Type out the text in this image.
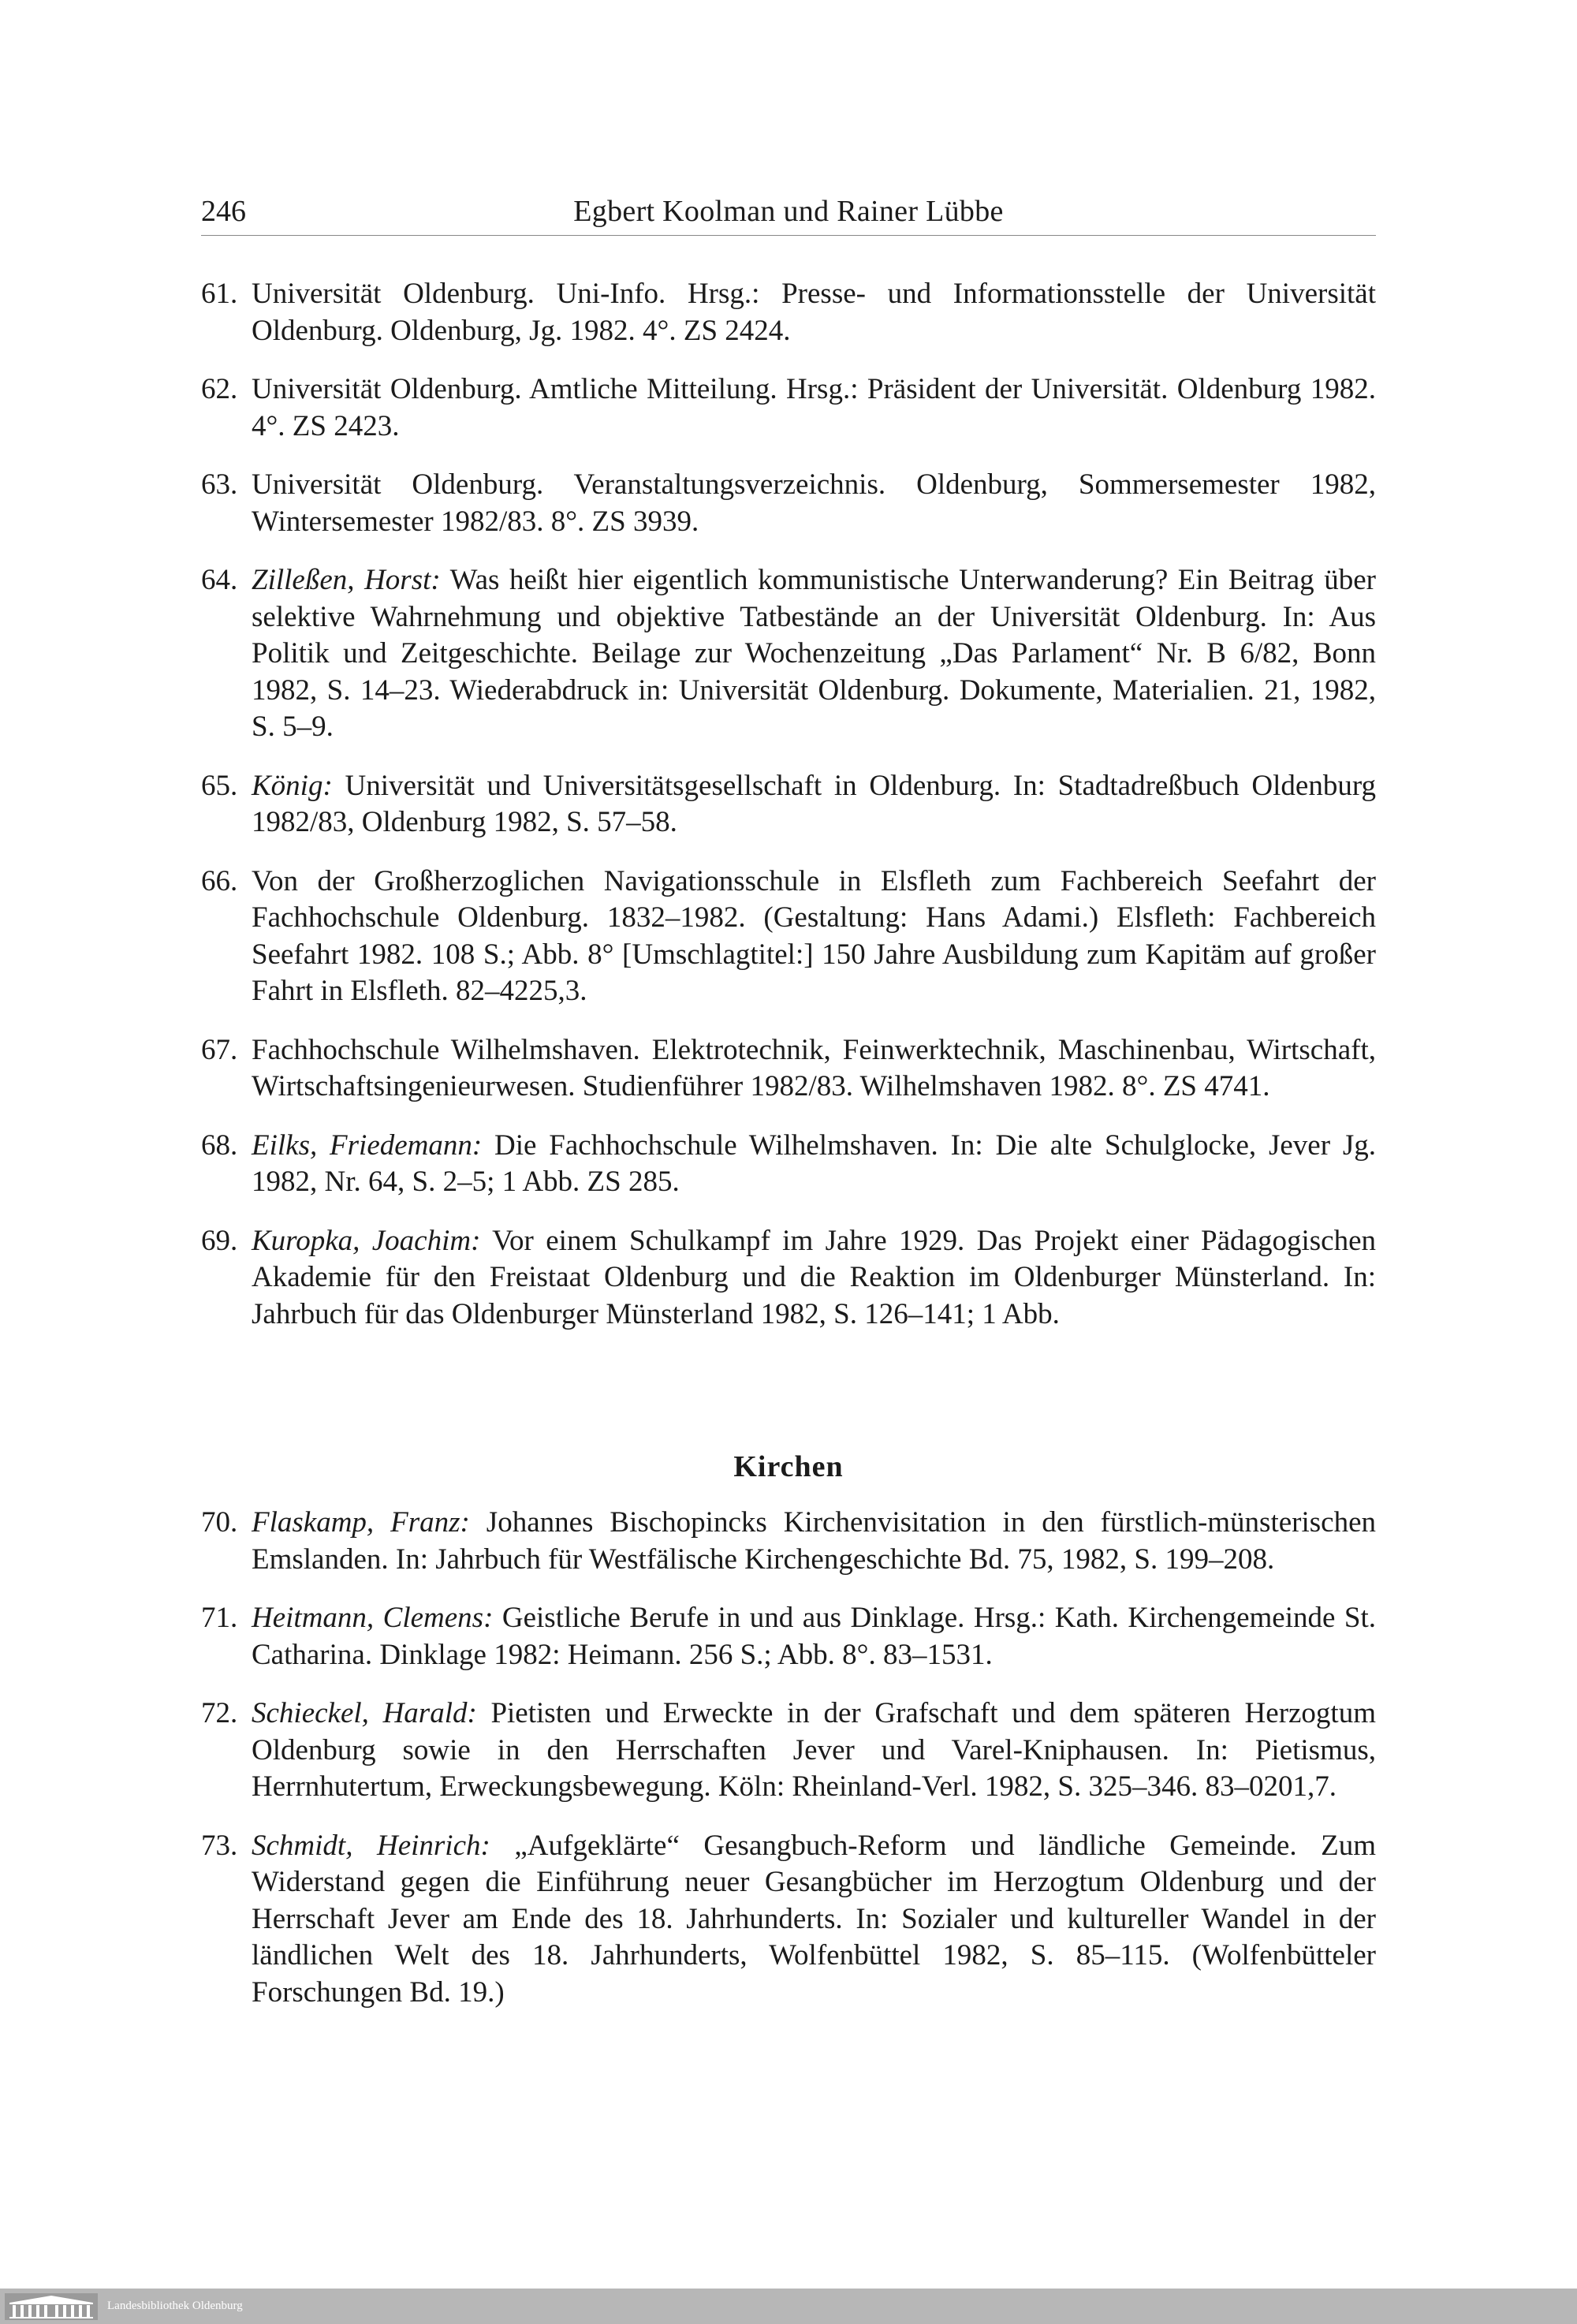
246	Egbert Koolman und Rainer Lübbe

61. Universität Oldenburg. Uni-Info. Hrsg.: Presse- und Informationsstelle der Universität Oldenburg. Oldenburg, Jg. 1982. 4°. ZS 2424.

62. Universität Oldenburg. Amtliche Mitteilung. Hrsg.: Präsident der Universität. Oldenburg 1982. 4°. ZS 2423.

63. Universität Oldenburg. Veranstaltungsverzeichnis. Oldenburg, Sommersemester 1982, Wintersemester 1982/83. 8°. ZS 3939.

64. Zilleßen, Horst: Was heißt hier eigentlich kommunistische Unterwanderung? Ein Beitrag über selektive Wahrnehmung und objektive Tatbestände an der Universität Oldenburg. In: Aus Politik und Zeitgeschichte. Beilage zur Wochenzeitung „Das Parlament“ Nr. B 6/82, Bonn 1982, S. 14–23. Wiederabdruck in: Universität Oldenburg. Dokumente, Materialien. 21, 1982, S. 5–9.

65. König: Universität und Universitätsgesellschaft in Oldenburg. In: Stadtadreßbuch Oldenburg 1982/83, Oldenburg 1982, S. 57–58.

66. Von der Großherzoglichen Navigationsschule in Elsfleth zum Fachbereich Seefahrt der Fachhochschule Oldenburg. 1832–1982. (Gestaltung: Hans Adami.) Elsfleth: Fachbereich Seefahrt 1982. 108 S.; Abb. 8° [Umschlagtitel:] 150 Jahre Ausbildung zum Kapitäm auf großer Fahrt in Elsfleth. 82–4225,3.

67. Fachhochschule Wilhelmshaven. Elektrotechnik, Feinwerktechnik, Maschinenbau, Wirtschaft, Wirtschaftsingenieurwesen. Studienführer 1982/83. Wilhelmshaven 1982. 8°. ZS 4741.

68. Eilks, Friedemann: Die Fachhochschule Wilhelmshaven. In: Die alte Schulglocke, Jever Jg. 1982, Nr. 64, S. 2–5; 1 Abb. ZS 285.

69. Kuropka, Joachim: Vor einem Schulkampf im Jahre 1929. Das Projekt einer Pädagogischen Akademie für den Freistaat Oldenburg und die Reaktion im Oldenburger Münsterland. In: Jahrbuch für das Oldenburger Münsterland 1982, S. 126–141; 1 Abb.

Kirchen

70. Flaskamp, Franz: Johannes Bischopincks Kirchenvisitation in den fürstlich-münsterischen Emslanden. In: Jahrbuch für Westfälische Kirchengeschichte Bd. 75, 1982, S. 199–208.

71. Heitmann, Clemens: Geistliche Berufe in und aus Dinklage. Hrsg.: Kath. Kirchengemeinde St. Catharina. Dinklage 1982: Heimann. 256 S.; Abb. 8°. 83–1531.

72. Schieckel, Harald: Pietisten und Erweckte in der Grafschaft und dem späteren Herzogtum Oldenburg sowie in den Herrschaften Jever und Varel-Kniphausen. In: Pietismus, Herrnhutertum, Erweckungsbewegung. Köln: Rheinland-Verl. 1982, S. 325–346. 83–0201,7.

73. Schmidt, Heinrich: „Aufgeklärte“ Gesangbuch-Reform und ländliche Gemeinde. Zum Widerstand gegen die Einführung neuer Gesangbücher im Herzogtum Oldenburg und der Herrschaft Jever am Ende des 18. Jahrhunderts. In: Sozialer und kultureller Wandel in der ländlichen Welt des 18. Jahrhunderts, Wolfenbüttel 1982, S. 85–115. (Wolfenbütteler Forschungen Bd. 19.)

Landesbibliothek Oldenburg
